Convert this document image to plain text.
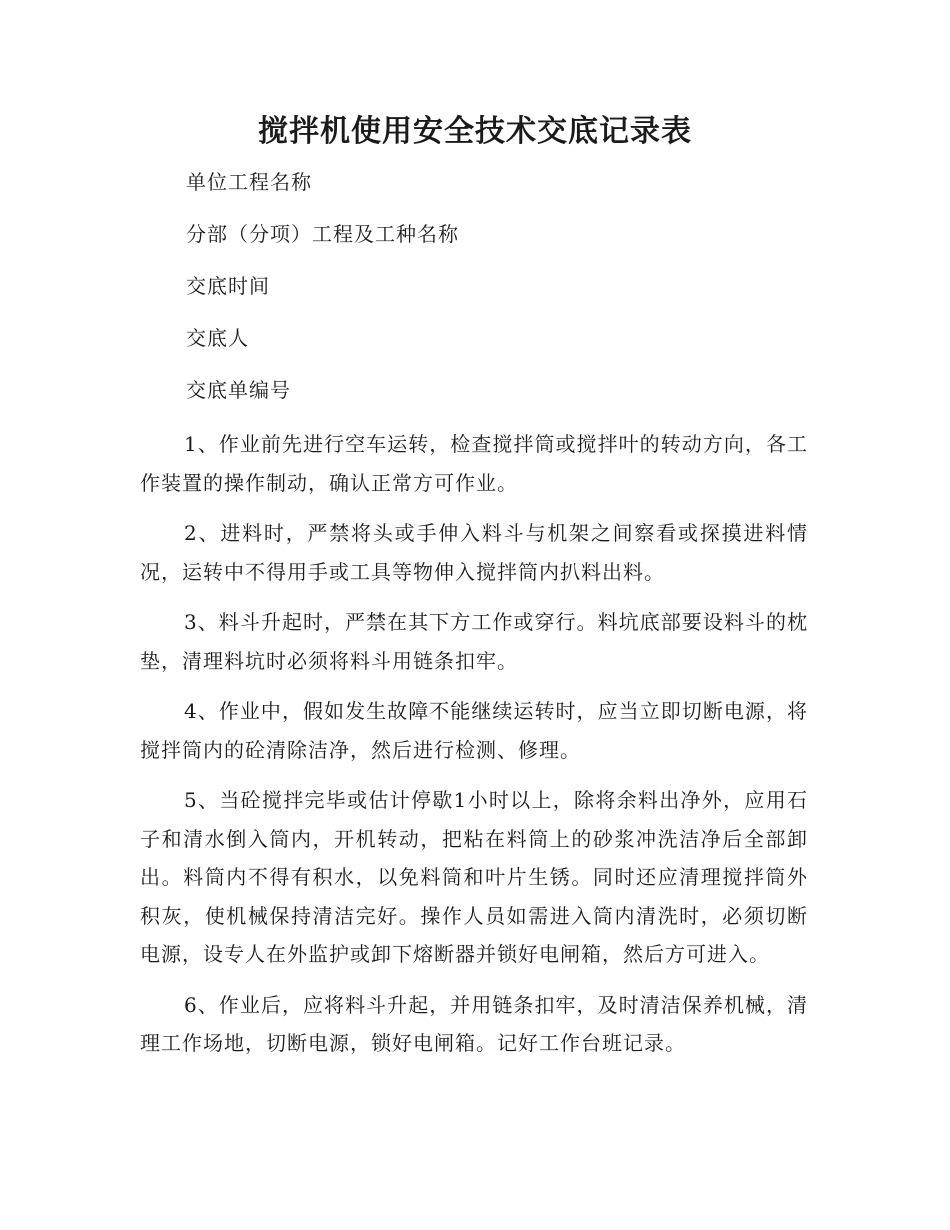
搅拌机使用安全技术交底记录表
单位工程名称
分部（分项）工程及工种名称
交底时间
交底人
交底单编号

1、作业前先进行空车运转，检查搅拌筒或搅拌叶的转动方向，各工作装置的操作制动，确认正常方可作业。

2、进料时，严禁将头或手伸入料斗与机架之间察看或探摸进料情况，运转中不得用手或工具等物伸入搅拌筒内扒料出料。

3、料斗升起时，严禁在其下方工作或穿行。料坑底部要设料斗的枕垫，清理料坑时必须将料斗用链条扣牢。

4、作业中，假如发生故障不能继续运转时，应当立即切断电源，将搅拌筒内的砼清除洁净，然后进行检测、修理。

5、当砼搅拌完毕或估计停歇1小时以上，除将余料出净外，应用石子和清水倒入筒内，开机转动，把粘在料筒上的砂浆冲洗洁净后全部卸出。料筒内不得有积水，以免料筒和叶片生锈。同时还应清理搅拌筒外积灰，使机械保持清洁完好。操作人员如需进入筒内清洗时，必须切断电源，设专人在外监护或卸下熔断器并锁好电闸箱，然后方可进入。

6、作业后，应将料斗升起，并用链条扣牢，及时清洁保养机械，清理工作场地，切断电源，锁好电闸箱。记好工作台班记录。
